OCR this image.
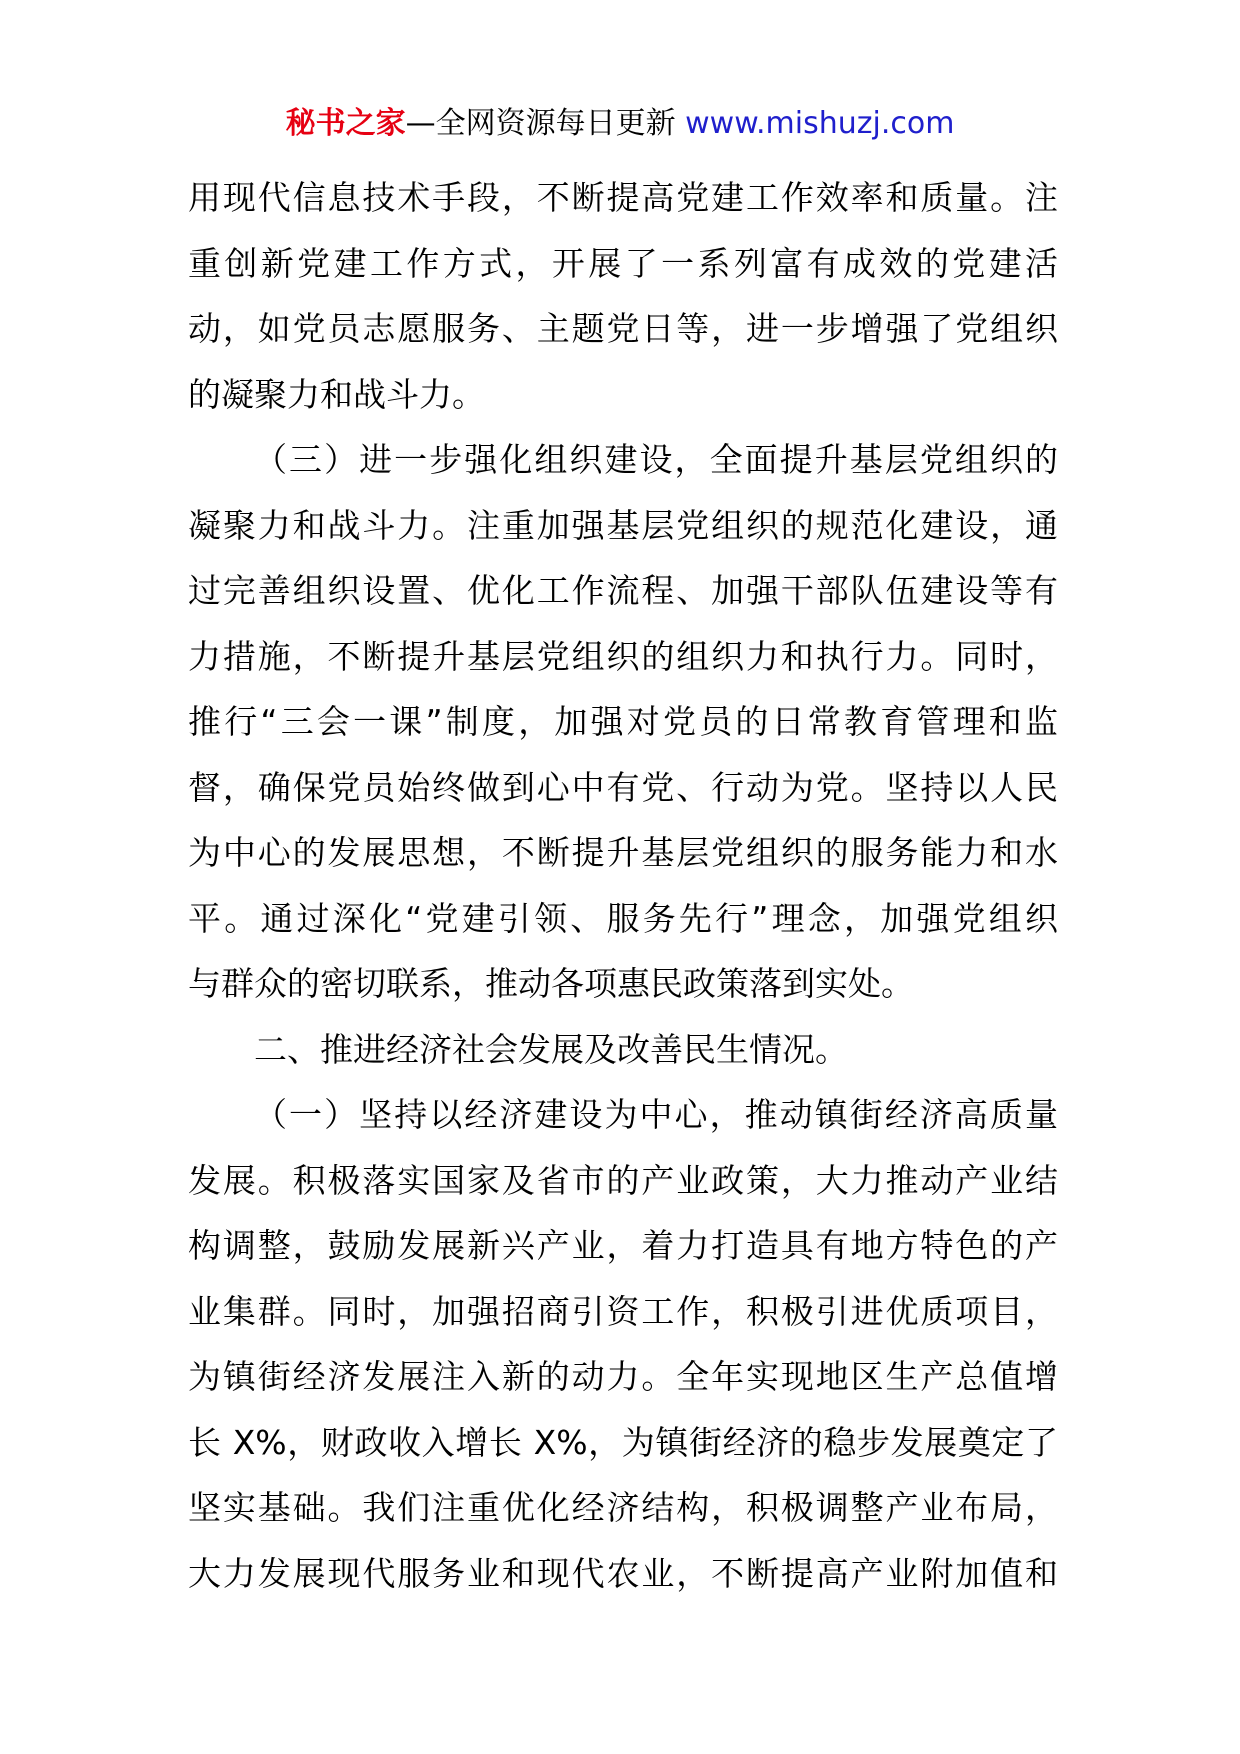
秘书之家—全网资源每日更新 www.mishuzj.com
用现代信息技术手段，不断提高党建工作效率和质量。注
重创新党建工作方式，开展了一系列富有成效的党建活
动，如党员志愿服务、主题党日等，进一步增强了党组织
的凝聚力和战斗力。
（三）进一步强化组织建设，全面提升基层党组织的
凝聚力和战斗力。注重加强基层党组织的规范化建设，通
过完善组织设置、优化工作流程、加强干部队伍建设等有
力措施，不断提升基层党组织的组织力和执行力。同时，
推行“三会一课”制度，加强对党员的日常教育管理和监
督，确保党员始终做到心中有党、行动为党。坚持以人民
为中心的发展思想，不断提升基层党组织的服务能力和水
平。通过深化“党建引领、服务先行”理念，加强党组织
与群众的密切联系，推动各项惠民政策落到实处。
二、推进经济社会发展及改善民生情况。
（一）坚持以经济建设为中心，推动镇街经济高质量
发展。积极落实国家及省市的产业政策，大力推动产业结
构调整，鼓励发展新兴产业，着力打造具有地方特色的产
业集群。同时，加强招商引资工作，积极引进优质项目，
为镇街经济发展注入新的动力。全年实现地区生产总值增
长 X%，财政收入增长 X%，为镇街经济的稳步发展奠定了
坚实基础。我们注重优化经济结构，积极调整产业布局，
大力发展现代服务业和现代农业，不断提高产业附加值和
